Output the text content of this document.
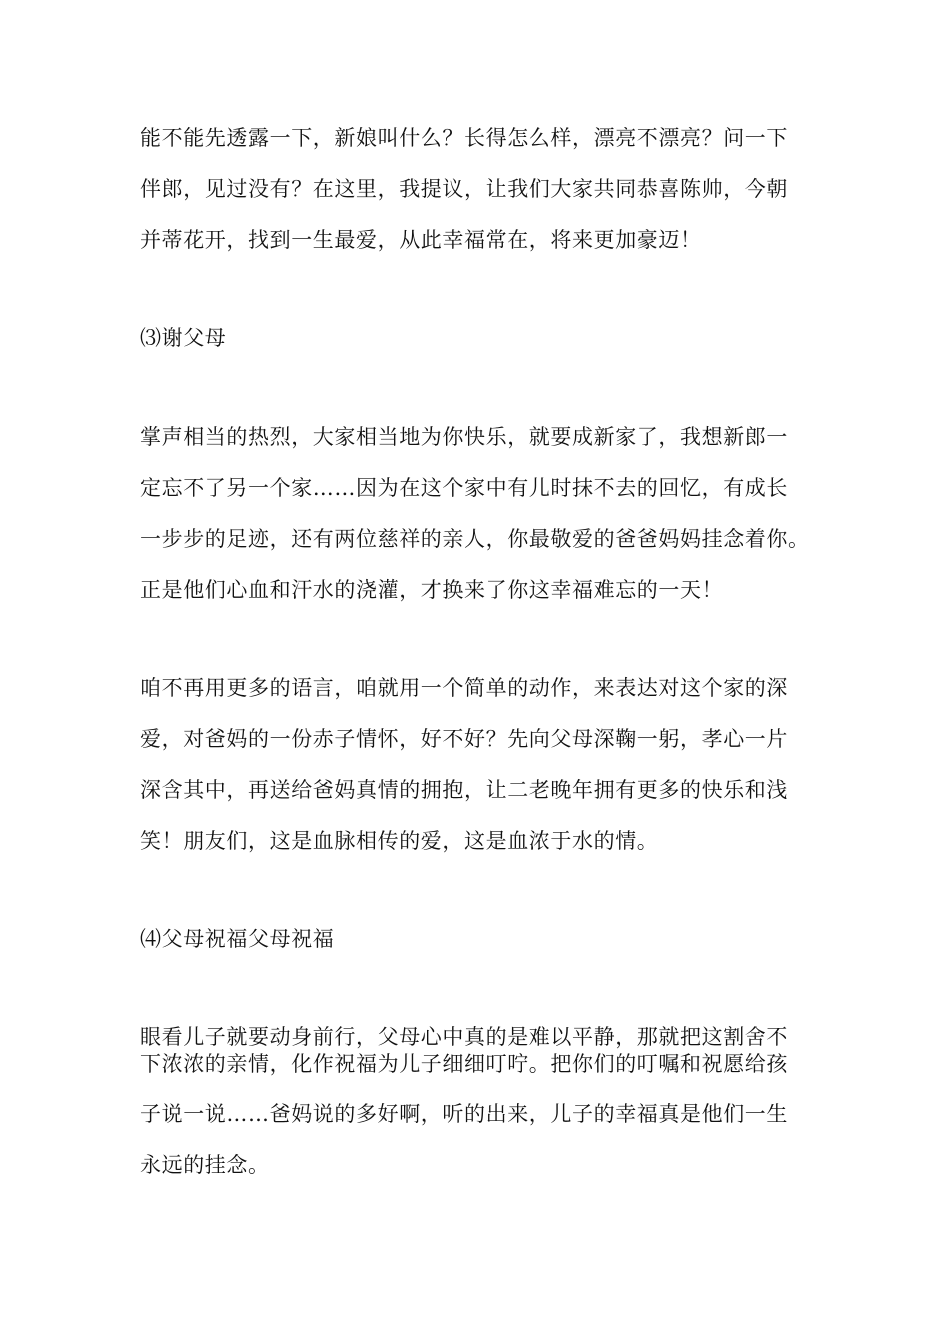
能不能先透露一下，新娘叫什么？长得怎么样，漂亮不漂亮？问一下
伴郎，见过没有？在这里，我提议，让我们大家共同恭喜陈帅，今朝
并蒂花开，找到一生最爱，从此幸福常在，将来更加豪迈！
⑶谢父母
掌声相当的热烈，大家相当地为你快乐，就要成新家了，我想新郎一
定忘不了另一个家……因为在这个家中有儿时抹不去的回忆，有成长
一步步的足迹，还有两位慈祥的亲人，你最敬爱的爸爸妈妈挂念着你。
正是他们心血和汗水的浇灌，才换来了你这幸福难忘的一天！
咱不再用更多的语言，咱就用一个简单的动作，来表达对这个家的深
爱，对爸妈的一份赤子情怀，好不好？先向父母深鞠一躬，孝心一片
深含其中，再送给爸妈真情的拥抱，让二老晚年拥有更多的快乐和浅
笑！朋友们，这是血脉相传的爱，这是血浓于水的情。
⑷父母祝福父母祝福
眼看儿子就要动身前行，父母心中真的是难以平静，那就把这割舍不
下浓浓的亲情，化作祝福为儿子细细叮咛。把你们的叮嘱和祝愿给孩
子说一说……爸妈说的多好啊，听的出来，儿子的幸福真是他们一生
永远的挂念。
